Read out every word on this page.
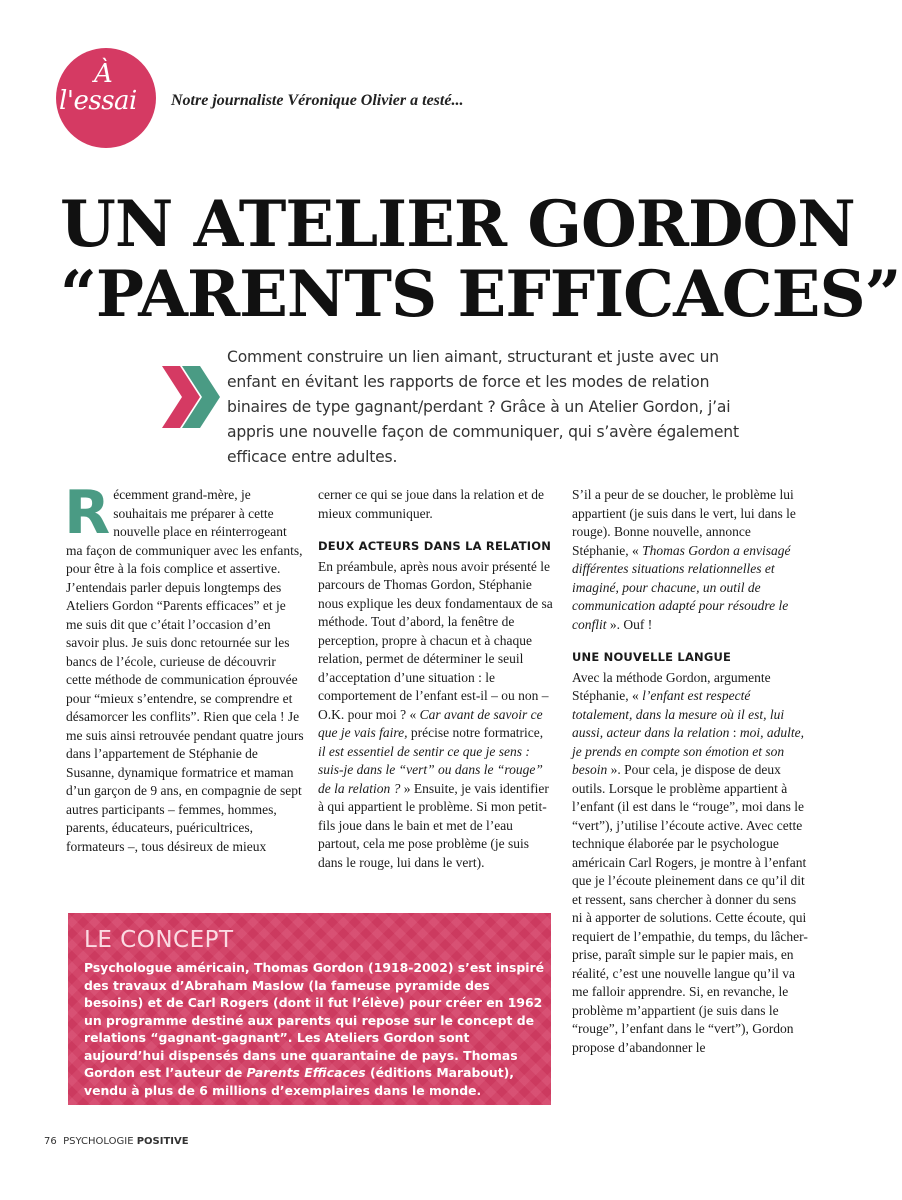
À
l'essai Notre journaliste Véronique Olivier a testé...
UN ATELIER GORDON
“PARENTS EFFICACES”

Comment construire un lien aimant, structurant et juste avec un enfant en évitant les rapports de force et les modes de relation binaires de type gagnant/perdant ? Grâce à un Atelier Gordon, j’ai appris une nouvelle façon de communiquer, qui s’avère également efficace entre adultes.

Récemment grand-mère, je souhaitais me préparer à cette nouvelle place en réinterrogeant ma façon de communiquer avec les enfants, pour être à la fois complice et assertive. J’entendais parler depuis longtemps des Ateliers Gordon “Parents efficaces” et je me suis dit que c’était l’occasion d’en savoir plus. Je suis donc retournée sur les bancs de l’école, curieuse de découvrir cette méthode de communication éprouvée pour “mieux s’entendre, se comprendre et désamorcer les conflits”. Rien que cela ! Je me suis ainsi retrouvée pendant quatre jours dans l’appartement de Stéphanie de Susanne, dynamique formatrice et maman d’un garçon de 9 ans, en compagnie de sept autres participants – femmes, hommes, parents, éducateurs, puéricultrices, formateurs –, tous désireux de mieux

cerner ce qui se joue dans la relation et de mieux communiquer.

DEUX ACTEURS DANS LA RELATION

En préambule, après nous avoir présenté le parcours de Thomas Gordon, Stéphanie nous explique les deux fondamentaux de sa méthode. Tout d’abord, la fenêtre de perception, propre à chacun et à chaque relation, permet de déterminer le seuil d’acceptation d’une situation : le comportement de l’enfant est-il – ou non – O.K. pour moi ? « Car avant de savoir ce que je vais faire, précise notre formatrice, il est essentiel de sentir ce que je sens : suis-je dans le “vert” ou dans le “rouge” de la relation ? » Ensuite, je vais identifier à qui appartient le problème. Si mon petit-fils joue dans le bain et met de l’eau partout, cela me pose problème (je suis dans le rouge, lui dans le vert).

S’il a peur de se doucher, le problème lui appartient (je suis dans le vert, lui dans le rouge). Bonne nouvelle, annonce Stéphanie, « Thomas Gordon a envisagé différentes situations relationnelles et imaginé, pour chacune, un outil de communication adapté pour résoudre le conflit ». Ouf !

UNE NOUVELLE LANGUE

Avec la méthode Gordon, argumente Stéphanie, « l’enfant est respecté totalement, dans la mesure où il est, lui aussi, acteur dans la relation : moi, adulte, je prends en compte son émotion et son besoin ». Pour cela, je dispose de deux outils. Lorsque le problème appartient à l’enfant (il est dans le “rouge”, moi dans le “vert”), j’utilise l’écoute active. Avec cette technique élaborée par le psychologue américain Carl Rogers, je montre à l’enfant que je l’écoute pleinement dans ce qu’il dit et ressent, sans chercher à donner du sens ni à apporter de solutions. Cette écoute, qui requiert de l’empathie, du temps, du lâcher-prise, paraît simple sur le papier mais, en réalité, c’est une nouvelle langue qu’il va me falloir apprendre. Si, en revanche, le problème m’appartient (je suis dans le “rouge”, l’enfant dans le “vert”), Gordon propose d’abandonner le

LE CONCEPT

Psychologue américain, Thomas Gordon (1918-2002) s’est inspiré des travaux d’Abraham Maslow (la fameuse pyramide des besoins) et de Carl Rogers (dont il fut l’élève) pour créer en 1962 un programme destiné aux parents qui repose sur le concept de relations “gagnant-gagnant”. Les Ateliers Gordon sont aujourd’hui dispensés dans une quarantaine de pays. Thomas Gordon est l’auteur de Parents Efficaces (éditions Marabout), vendu à plus de 6 millions d’exemplaires dans le monde.

76 PSYCHOLOGIE POSITIVE
